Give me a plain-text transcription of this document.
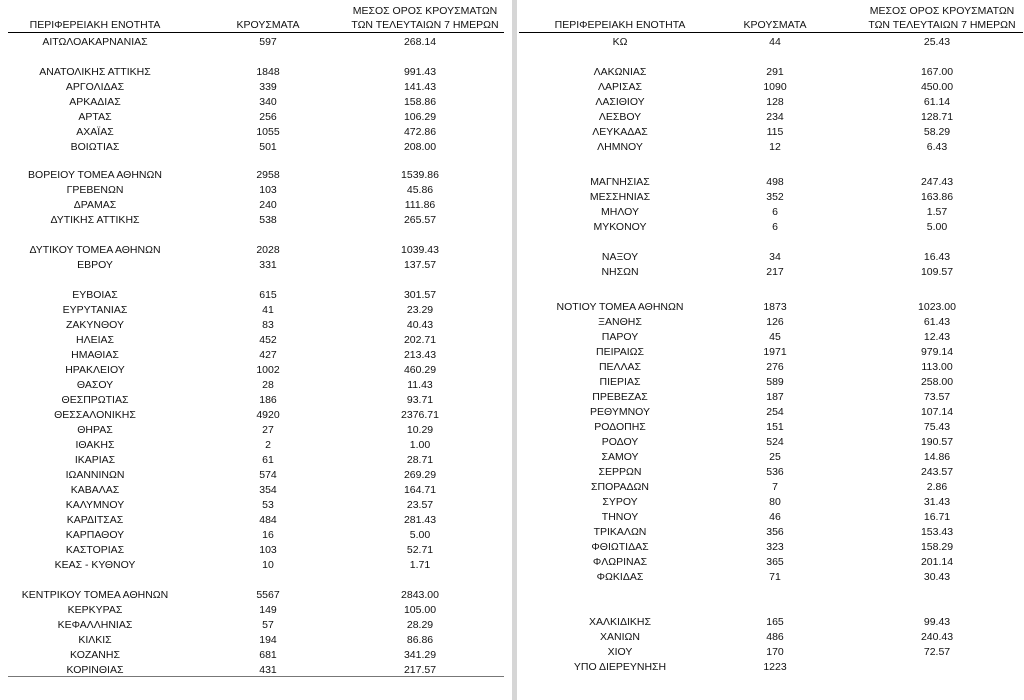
ΠΕΡΙΦΕΡΕΙΑΚΗ ΕΝΟΤΗΤΑ	ΚΡΟΥΣΜΑΤΑ
ΜΕΣΟΣ ΟΡΟΣ ΚΡΟΥΣΜΑΤΩΝ
ΤΩΝ ΤΕΛΕΥΤΑΙΩΝ 7 ΗΜΕΡΩΝ
ΑΙΤΩΛΟΑΚΑΡΝΑΝΙΑΣ	597	268.14
ΑΝΑΤΟΛΙΚΗΣ ΑΤΤΙΚΗΣ	1848	991.43
ΑΡΓΟΛΙΔΑΣ	339	141.43
ΑΡΚΑΔΙΑΣ	340	158.86
ΑΡΤΑΣ	256	106.29
ΑΧΑΪΑΣ	1055	472.86
ΒΟΙΩΤΙΑΣ	501	208.00
ΒΟΡΕΙΟΥ ΤΟΜΕΑ ΑΘΗΝΩΝ	2958	1539.86
ΓΡΕΒΕΝΩΝ	103	45.86
ΔΡΑΜΑΣ	240	111.86
ΔΥΤΙΚΗΣ ΑΤΤΙΚΗΣ	538	265.57
ΔΥΤΙΚΟΥ ΤΟΜΕΑ ΑΘΗΝΩΝ	2028	1039.43
ΕΒΡΟΥ	331	137.57
ΕΥΒΟΙΑΣ	615	301.57
ΕΥΡΥΤΑΝΙΑΣ	41	23.29
ΖΑΚΥΝΘΟΥ	83	40.43
ΗΛΕΙΑΣ	452	202.71
ΗΜΑΘΙΑΣ	427	213.43
ΗΡΑΚΛΕΙΟΥ	1002	460.29
ΘΑΣΟΥ	28	11.43
ΘΕΣΠΡΩΤΙΑΣ	186	93.71
ΘΕΣΣΑΛΟΝΙΚΗΣ	4920	2376.71
ΘΗΡΑΣ	27	10.29
ΙΘΑΚΗΣ	2	1.00
ΙΚΑΡΙΑΣ	61	28.71
ΙΩΑΝΝΙΝΩΝ	574	269.29
ΚΑΒΑΛΑΣ	354	164.71
ΚΑΛΥΜΝΟΥ	53	23.57
ΚΑΡΔΙΤΣΑΣ	484	281.43
ΚΑΡΠΑΘΟΥ	16	5.00
ΚΑΣΤΟΡΙΑΣ	103	52.71
ΚΕΑΣ - ΚΥΘΝΟΥ	10	1.71
ΚΕΝΤΡΙΚΟΥ ΤΟΜΕΑ ΑΘΗΝΩΝ	5567	2843.00
ΚΕΡΚΥΡΑΣ	149	105.00
ΚΕΦΑΛΛΗΝΙΑΣ	57	28.29
ΚΙΛΚΙΣ	194	86.86
ΚΟΖΑΝΗΣ	681	341.29
ΚΟΡΙΝΘΙΑΣ	431	217.57
ΠΕΡΙΦΕΡΕΙΑΚΗ ΕΝΟΤΗΤΑ	ΚΡΟΥΣΜΑΤΑ
ΜΕΣΟΣ ΟΡΟΣ ΚΡΟΥΣΜΑΤΩΝ
ΤΩΝ ΤΕΛΕΥΤΑΙΩΝ 7 ΗΜΕΡΩΝ
ΚΩ	44	25.43
ΛΑΚΩΝΙΑΣ	291	167.00
ΛΑΡΙΣΑΣ	1090	450.00
ΛΑΣΙΘΙΟΥ	128	61.14
ΛΕΣΒΟΥ	234	128.71
ΛΕΥΚΑΔΑΣ	115	58.29
ΛΗΜΝΟΥ	12	6.43
ΜΑΓΝΗΣΙΑΣ	498	247.43
ΜΕΣΣΗΝΙΑΣ	352	163.86
ΜΗΛΟΥ	6	1.57
ΜΥΚΟΝΟΥ	6	5.00
ΝΑΞΟΥ	34	16.43
ΝΗΣΩΝ	217	109.57
ΝΟΤΙΟΥ ΤΟΜΕΑ ΑΘΗΝΩΝ	1873	1023.00
ΞΑΝΘΗΣ	126	61.43
ΠΑΡΟΥ	45	12.43
ΠΕΙΡΑΙΩΣ	1971	979.14
ΠΕΛΛΑΣ	276	113.00
ΠΙΕΡΙΑΣ	589	258.00
ΠΡΕΒΕΖΑΣ	187	73.57
ΡΕΘΥΜΝΟΥ	254	107.14
ΡΟΔΟΠΗΣ	151	75.43
ΡΟΔΟΥ	524	190.57
ΣΑΜΟΥ	25	14.86
ΣΕΡΡΩΝ	536	243.57
ΣΠΟΡΑΔΩΝ	7	2.86
ΣΥΡΟΥ	80	31.43
ΤΗΝΟΥ	46	16.71
ΤΡΙΚΑΛΩΝ	356	153.43
ΦΘΙΩΤΙΔΑΣ	323	158.29
ΦΛΩΡΙΝΑΣ	365	201.14
ΦΩΚΙΔΑΣ	71	30.43
ΧΑΛΚΙΔΙΚΗΣ	165	99.43
ΧΑΝΙΩΝ	486	240.43
ΧΙΟΥ	170	72.57
ΥΠΟ ΔΙΕΡΕΥΝΗΣΗ	1223
